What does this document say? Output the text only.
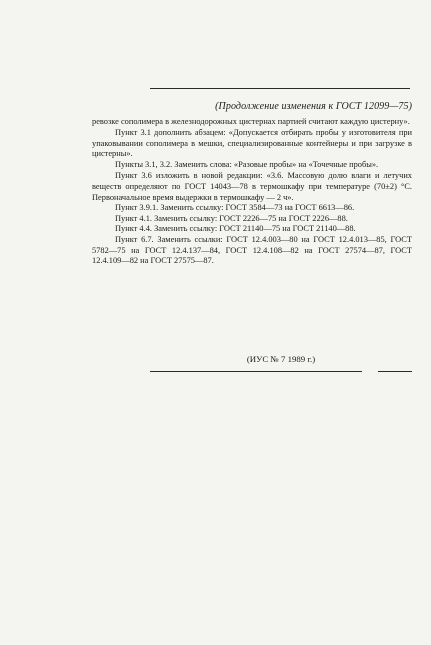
(Продолжение изменения к ГОСТ 12099—75)

ревозке сополимера в железнодорожных цистернах партией считают каждую цистерну».

Пункт 3.1 дополнить абзацем: «Допускается отбирать пробы у изготовителя при упаковывании сополимера в мешки, специализированные контейнеры и при загрузке в цистерны».

Пункты 3.1, 3.2. Заменить слова: «Разовые пробы» на «Точечные пробы».

Пункт 3.6 изложить в новой редакции: «3.6. Массовую долю влаги и летучих веществ определяют по ГОСТ 14043—78 в термошкафу при температуре (70±2) °С. Первоначальное время выдержки в термошкафу — 2 ч».

Пункт 3.9.1. Заменить ссылку: ГОСТ 3584—73 на ГОСТ 6613—86.

Пункт 4.1. Заменить ссылку: ГОСТ 2226—75 на ГОСТ 2226—88.

Пункт 4.4. Заменить ссылку: ГОСТ 21140—75 на ГОСТ 21140—88.

Пункт 6.7. Заменить ссылки: ГОСТ 12.4.003—80 на ГОСТ 12.4.013—85, ГОСТ 5782—75 на ГОСТ 12.4.137—84, ГОСТ 12.4.108—82 на ГОСТ 27574—87, ГОСТ 12.4.109—82 на ГОСТ 27575—87.

(ИУС № 7 1989 г.)
